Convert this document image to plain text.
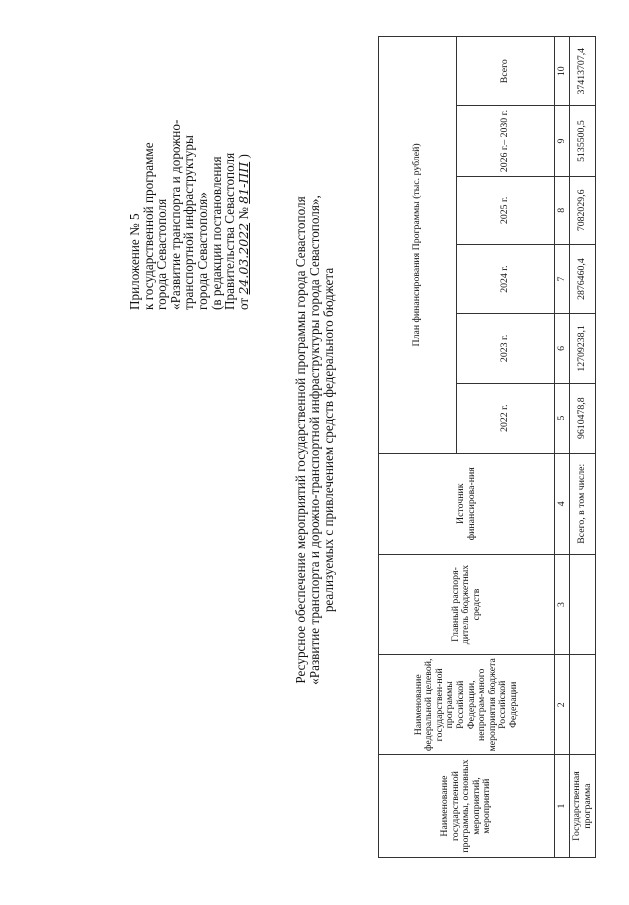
Приложение № 5
к государственной программе
города Севастополя
«Развитие транспорта и дорожно-
транспортной инфраструктуры
города Севастополя»
(в редакции постановления
Правительства Севастополя
от 24.03.2022 № 81-ПП )
Ресурсное обеспечение мероприятий государственной программы города Севастополя «Развитие транспорта и дорожно-транспортной инфраструктуры города Севастополя», реализуемых с привлечением средств федерального бюджета
Наименование государственной программы, основных мероприятий, мероприятий	Наименование федеральной целевой, государствен-ной программы Российской Федерации, непрограм-много мероприятия бюджета Российской Федерации	Главный распоря-дитель бюджетных средств	Источник финансирова-ния	План финансирования Программы (тыс. рублей)					
				2022 г.	2023 г.	2024 г.	2025 г.	2026 г.– 2030 г.	Всего
1	2	3	4	5	6	7	8	9	10
Государственная программа			Всего, в том числе:	9610478,8	12709238,1	2876460,4	7082029,6	5135500,5	37413707,4
